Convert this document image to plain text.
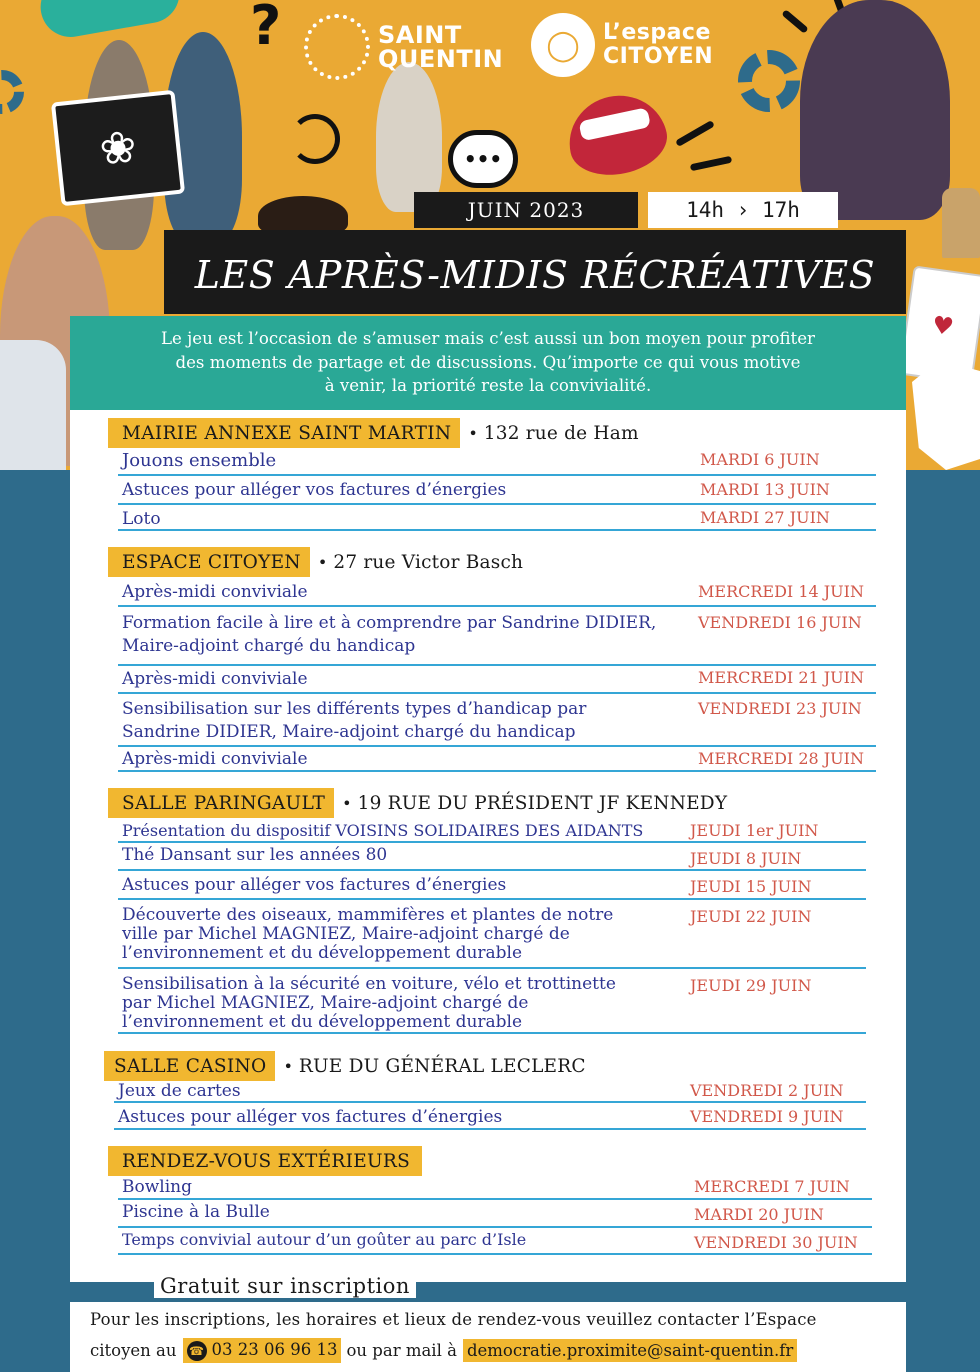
?
❀	•••
♥
SAINT
QUENTIN	◯	L’espace
CITOYEN
JUIN 2023	14h › 17h
LES APRÈS-MIDIS RÉCRÉATIVES
Le jeu est l’occasion de s’amuser mais c’est aussi un bon moyen pour profiter
des moments de partage et de discussions. Qu’importe ce qui vous motive
à venir, la priorité reste la convivialité.
MAIRIE ANNEXE SAINT MARTIN	• 132 rue de Ham
Jouons ensemble	MARDI 6 JUIN
Astuces pour alléger vos factures d’énergies	MARDI 13 JUIN
Loto	MARDI 27 JUIN
ESPACE CITOYEN	• 27 rue Victor Basch
Après-midi conviviale	MERCREDI 14 JUIN
Formation facile à lire et à comprendre par Sandrine DIDIER,
Maire-adjoint chargé du handicap
VENDREDI 16 JUIN
Après-midi conviviale	MERCREDI 21 JUIN
Sensibilisation sur les différents types d’handicap par
Sandrine DIDIER, Maire-adjoint chargé du handicap
VENDREDI 23 JUIN
Après-midi conviviale	MERCREDI 28 JUIN
SALLE PARINGAULT	• 19 RUE DU PRÉSIDENT JF KENNEDY
Présentation du dispositif VOISINS SOLIDAIRES DES AIDANTS	JEUDI 1er JUIN
Thé Dansant sur les années 80	JEUDI 8 JUIN
Astuces pour alléger vos factures d’énergies	JEUDI 15 JUIN
Découverte des oiseaux, mammifères et plantes de notre
ville par Michel MAGNIEZ, Maire-adjoint chargé de
l’environnement et du développement durable
JEUDI 22 JUIN
Sensibilisation à la sécurité en voiture, vélo et trottinette
par Michel MAGNIEZ, Maire-adjoint chargé de
l’environnement et du développement durable
JEUDI 29 JUIN
SALLE CASINO	• RUE DU GÉNÉRAL LECLERC
Jeux de cartes	VENDREDI 2 JUIN
Astuces pour alléger vos factures d’énergies	VENDREDI 9 JUIN
RENDEZ-VOUS EXTÉRIEURS
Bowling	MERCREDI 7 JUIN
Piscine à la Bulle	MARDI 20 JUIN
Temps convivial autour d’un goûter au parc d’Isle	VENDREDI 30 JUIN
Gratuit sur inscription
Pour les inscriptions, les horaires et lieux de rendez-vous veuillez contacter l’Espace
citoyen au	☎ 03 23 06 96 13 ou par mail à democratie.proximite@saint-quentin.fr
